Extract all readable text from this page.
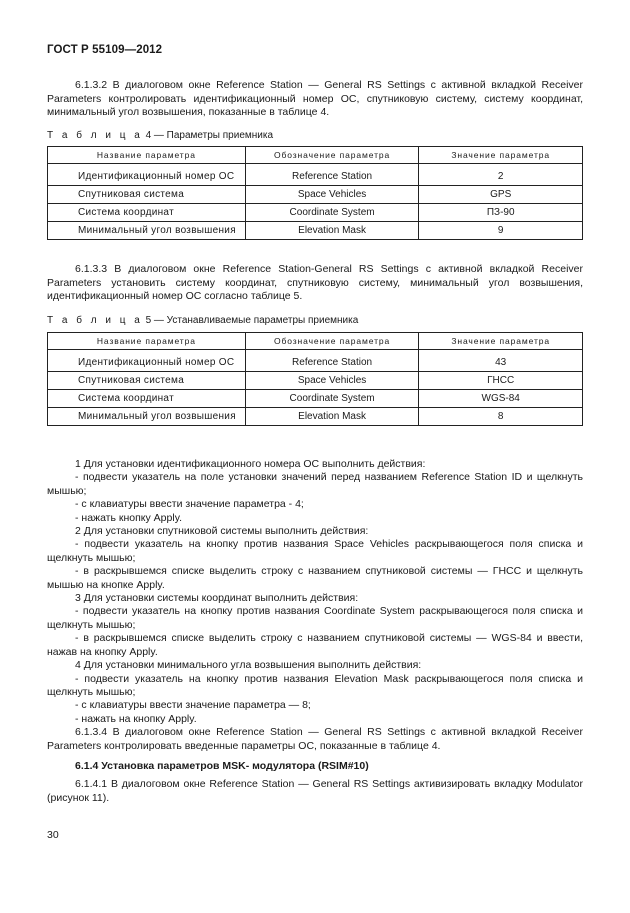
ГОСТ Р 55109—2012

6.1.3.2 В диалоговом окне Reference Station — General RS Settings с активной вкладкой Receiver Parameters контролировать идентификационный номер ОС, спутниковую систему, систему координат, минимальный угол возвышения, показанные в таблице 4.

Т а б л и ц а 4 — Параметры приемника
Название параметра	Обозначение параметра	Значение параметра

Идентификационный номер ОС	Reference Station	2
Спутниковая система	Space Vehicles	GPS
Система координат	Coordinate System	ПЗ-90
Минимальный угол возвышения	Elevation Mask	9

6.1.3.3 В диалоговом окне Reference Station-General RS Settings с активной вкладкой Receiver Parameters установить систему координат, спутниковую систему, минимальный угол возвышения, идентификационный номер ОС согласно таблице 5.

Т а б л и ц а 5 — Устанавливаемые параметры приемника
Название параметра	Обозначение параметра	Значение параметра

Идентификационный номер ОС	Reference Station	43
Спутниковая система	Space Vehicles	ГНСС
Система координат	Coordinate System	WGS-84
Минимальный угол возвышения	Elevation Mask	8
1 Для установки идентификационного номера ОС выполнить действия:
- подвести указатель на поле установки значений перед названием Reference Station ID и щелкнуть мышью;
- с клавиатуры ввести значение параметра - 4;
- нажать кнопку Apply.
2 Для установки спутниковой системы выполнить действия:
- подвести указатель на кнопку против названия Space Vehicles раскрывающегося поля списка и щелкнуть мышью;
- в раскрывшемся списке выделить строку с названием спутниковой системы — ГНСС и щелкнуть мышью на кнопке Apply.
3 Для установки системы координат выполнить действия:
- подвести указатель на кнопку против названия Coordinate System раскрывающегося поля списка и щелкнуть мышью;
- в раскрывшемся списке выделить строку с названием спутниковой системы — WGS-84 и ввести, нажав на кнопку Apply.
4 Для установки минимального угла возвышения выполнить действия:
- подвести указатель на кнопку против названия Elevation Mask раскрывающегося поля списка и щелкнуть мышью;
- с клавиатуры ввести значение параметра — 8;
- нажать на кнопку Apply.
6.1.3.4 В диалоговом окне Reference Station — General RS Settings с активной вкладкой Receiver Parameters контролировать введенные параметры ОС, показанные в таблице 4.
6.1.4 Установка параметров MSK- модулятора (RSIM#10)

6.1.4.1 В диалоговом окне Reference Station — General RS Settings активизировать вкладку Modulator (рисунок 11).

30
